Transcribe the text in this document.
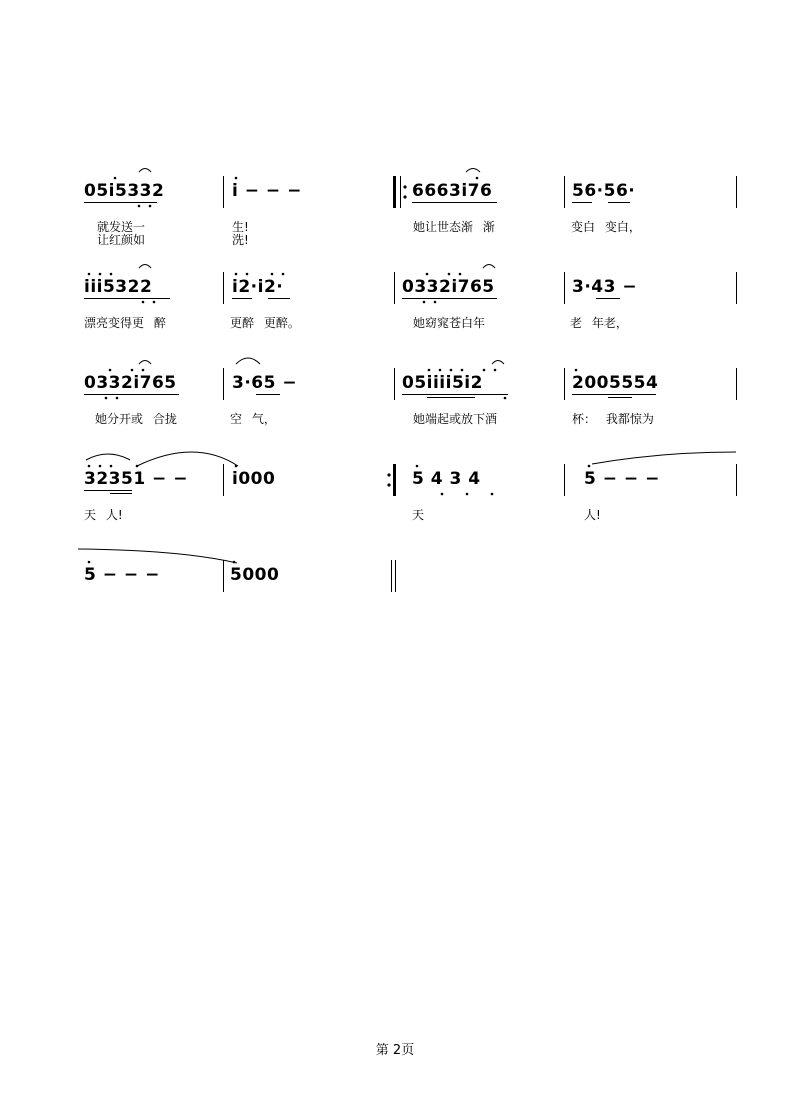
05i5332
就发送一
让红颜如
i − − −
生!
洗!
6663i76
她让世态渐 渐
56·56·
变白 变白，
iii5322
漂亮变得更 醉
i2·i2·
更醉 更醉。
0332i765
她窈窕苍白年
3·43 −
老 年老，
0332i765
她分开或 合拢
3·65 −
空 气，
05iiii5i2
她端起或放下酒
2005554
杯： 我都惊为
32351 − −
天 人!
i000	5 4 3 4
天
5 − − −
人!
5 − − −	5000
第 2页
